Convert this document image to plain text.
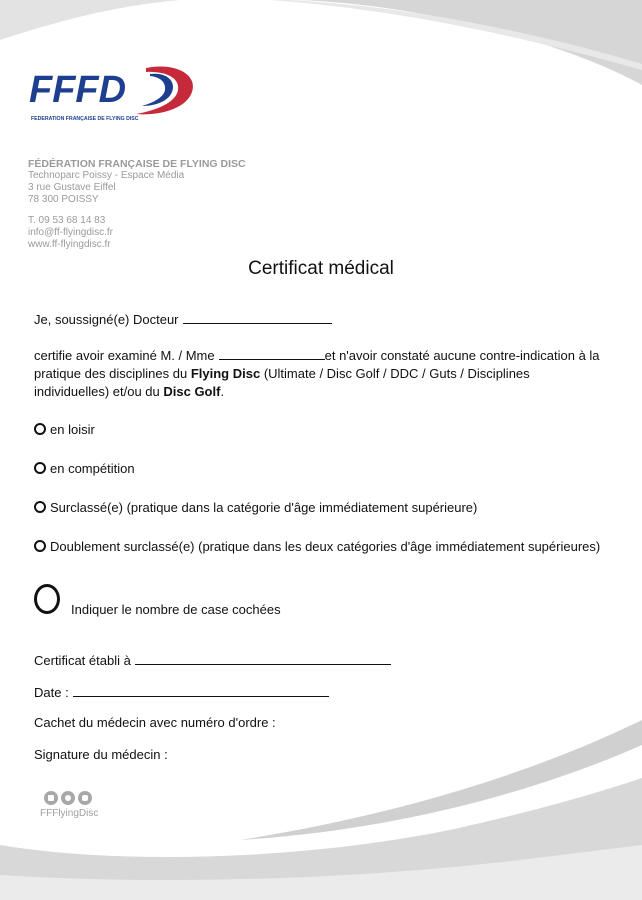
FFFD
FEDERATION FRANÇAISE DE FLYING DISC
FÉDÉRATION FRANÇAISE DE FLYING DISC
Technoparc Poissy - Espace Média
3 rue Gustave Eiffel
78 300 POISSY
T. 09 53 68 14 83
info@ff-flyingdisc.fr
www.ff-flyingdisc.fr
Certificat médical
Je, soussigné(e) Docteur
certifie avoir examiné M. / Mme	et n'avoir constaté aucune contre-indication à la pratique des disciplines du Flying Disc (Ultimate / Disc Golf / DDC / Guts / Disciplines individuelles) et/ou du Disc Golf.
en loisir
en compétition
Surclassé(e) (pratique dans la catégorie d'âge immédiatement supérieure)
Doublement surclassé(e) (pratique dans les deux catégories d'âge immédiatement supérieures)
Indiquer le nombre de case cochées
Certificat établi à
Date :
Cachet du médecin avec numéro d'ordre :
Signature du médecin :
FFFlyingDisc
